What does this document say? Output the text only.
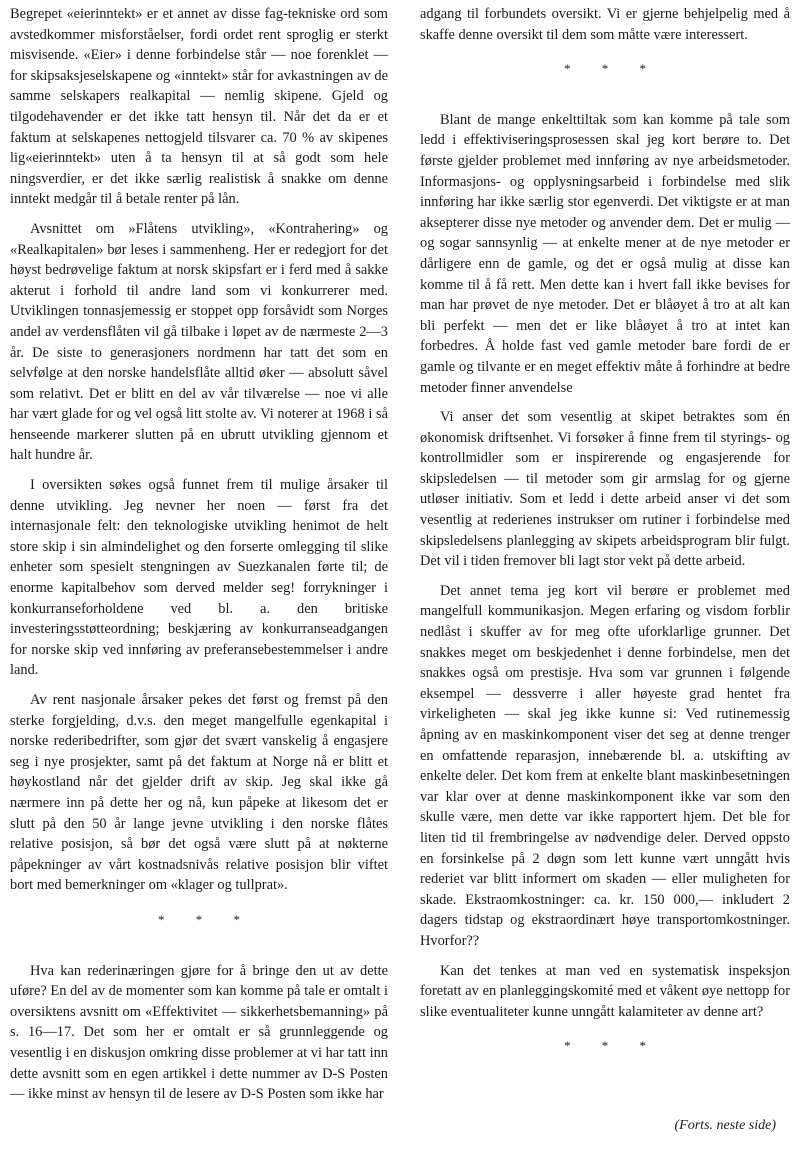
Begrepet «eierinntekt» er et annet av disse fag-tekniske ord som avstedkommer misforståelser, fordi ordet rent sproglig er sterkt misvisende. «Eier» i denne forbindelse står — noe forenklet — for skipsaksjeselskapene og «inntekt» står for avkastningen av de samme selskapers realkapital — nemlig skipene. Gjeld og tilgodehavender er det ikke tatt hensyn til. Når det da er et faktum at selskapenes nettogjeld tilsvarer ca. 70 % av skipenes lig«eierinntekt» uten å ta hensyn til at så godt som hele ningsverdier, er det ikke særlig realistisk å snakke om denne inntekt medgår til å betale renter på lån.

Avsnittet om »Flåtens utvikling», «Kontrahering» og «Realkapitalen» bør leses i sammenheng. Her er redegjort for det høyst bedrøvelige faktum at norsk skipsfart er i ferd med å sakke akterut i forhold til andre land som vi konkurrerer med. Utviklingen tonnasjemessig er stoppet opp forsåvidt som Norges andel av verdensflåten vil gå tilbake i løpet av de nærmeste 2—3 år. De siste to generasjoners nordmenn har tatt det som en selvfølge at den norske handelsflåte alltid øker — absolutt såvel som relativt. Det er blitt en del av vår tilværelse — noe vi alle har vært glade for og vel også litt stolte av. Vi noterer at 1968 i så henseende markerer slutten på en ubrutt utvikling gjennom et halt hundre år.

I oversikten søkes også funnet frem til mulige årsaker til denne utvikling. Jeg nevner her noen — først fra det internasjonale felt: den teknologiske utvikling henimot de helt store skip i sin almindelighet og den forserte omlegging til slike enheter som spesielt stengningen av Suezkanalen førte til; de enorme kapitalbehov som derved melder seg! forrykninger i konkurranseforholdene ved bl. a. den britiske investeringsstøtteordning; beskjæring av konkurranseadgangen for norske skip ved innføring av preferansebestemmelser i andre land.

Av rent nasjonale årsaker pekes det først og fremst på den sterke forgjelding, d.v.s. den meget mangelfulle egenkapital i norske rederibedrifter, som gjør det svært vanskelig å engasjere seg i nye prosjekter, samt på det faktum at Norge nå er blitt et høykostland når det gjelder drift av skip. Jeg skal ikke gå nærmere inn på dette her og nå, kun påpeke at likesom det er slutt på den 50 år lange jevne utvikling i den norske flåtes relative posisjon, så bør det også være slutt på at nøkterne påpekninger av vårt kostnadsnivås relative posisjon blir viftet bort med bemerkninger om «klager og tullprat».

* * *

Hva kan rederinæringen gjøre for å bringe den ut av dette uføre? En del av de momenter som kan komme på tale er omtalt i oversiktens avsnitt om «Effektivitet — sikkerhetsbemanning» på s. 16—17. Det som her er omtalt er så grunnleggende og vesentlig i en diskusjon omkring disse problemer at vi har tatt inn dette avsnitt som en egen artikkel i dette nummer av D-S Posten — ikke minst av hensyn til de lesere av D-S Posten som ikke har

adgang til forbundets oversikt. Vi er gjerne behjelpelig med å skaffe denne oversikt til dem som måtte være interessert.

* * *

Blant de mange enkelttiltak som kan komme på tale som ledd i effektiviseringsprosessen skal jeg kort berøre to. Det første gjelder problemet med innføring av nye arbeidsmetoder. Informasjons- og opplysningsarbeid i forbindelse med slik innføring har ikke særlig stor egenverdi. Det viktigste er at man aksepterer disse nye metoder og anvender dem. Det er mulig — og sogar sannsynlig — at enkelte mener at de nye metoder er dårligere enn de gamle, og det er også mulig at disse kan komme til å få rett. Men dette kan i hvert fall ikke bevises for man har prøvet de nye metoder. Det er blåøyet å tro at alt kan bli perfekt — men det er like blåøyet å tro at intet kan forbedres. Å holde fast ved gamle metoder bare fordi de er gamle og tilvante er en meget effektiv måte å forhindre at bedre metoder finner anvendelse

Vi anser det som vesentlig at skipet betraktes som én økonomisk driftsenhet. Vi forsøker å finne frem til styrings- og kontrollmidler som er inspirerende og engasjerende for skipsledelsen — til metoder som gir armslag for og gjerne utløser initiativ. Som et ledd i dette arbeid anser vi det som vesentlig at rederienes instrukser om rutiner i forbindelse med skipsledelsens planlegging av skipets arbeidsprogram blir fulgt. Det vil i tiden fremover bli lagt stor vekt på dette arbeid.

Det annet tema jeg kort vil berøre er problemet med mangelfull kommunikasjon. Megen erfaring og visdom forblir nedlåst i skuffer av for meg ofte uforklarlige grunner. Det snakkes meget om beskjedenhet i denne forbindelse, men det snakkes også om prestisje. Hva som var grunnen i følgende eksempel — dessverre i aller høyeste grad hentet fra virkeligheten — skal jeg ikke kunne si: Ved rutinemessig åpning av en maskinkomponent viser det seg at denne trenger en omfattende reparasjon, innebærende bl. a. utskifting av enkelte deler. Det kom frem at enkelte blant maskinbesetningen var klar over at denne maskinkomponent ikke var som den skulle være, men dette var ikke rapportert hjem. Det ble for liten tid til frembringelse av nødvendige deler. Derved oppsto en forsinkelse på 2 døgn som lett kunne vært unngått hvis rederiet var blitt informert om skaden — eller muligheten for skade. Ekstraomkostninger: ca. kr. 150 000,— inkludert 2 dagers tidstap og ekstraordinært høye transportomkostninger. Hvorfor??

Kan det tenkes at man ved en systematisk inspeksjon foretatt av en planleggingskomité med et våkent øye nettopp for slike eventualiteter kunne unngått kalamiteter av denne art?

* * *
(Forts. neste side)
